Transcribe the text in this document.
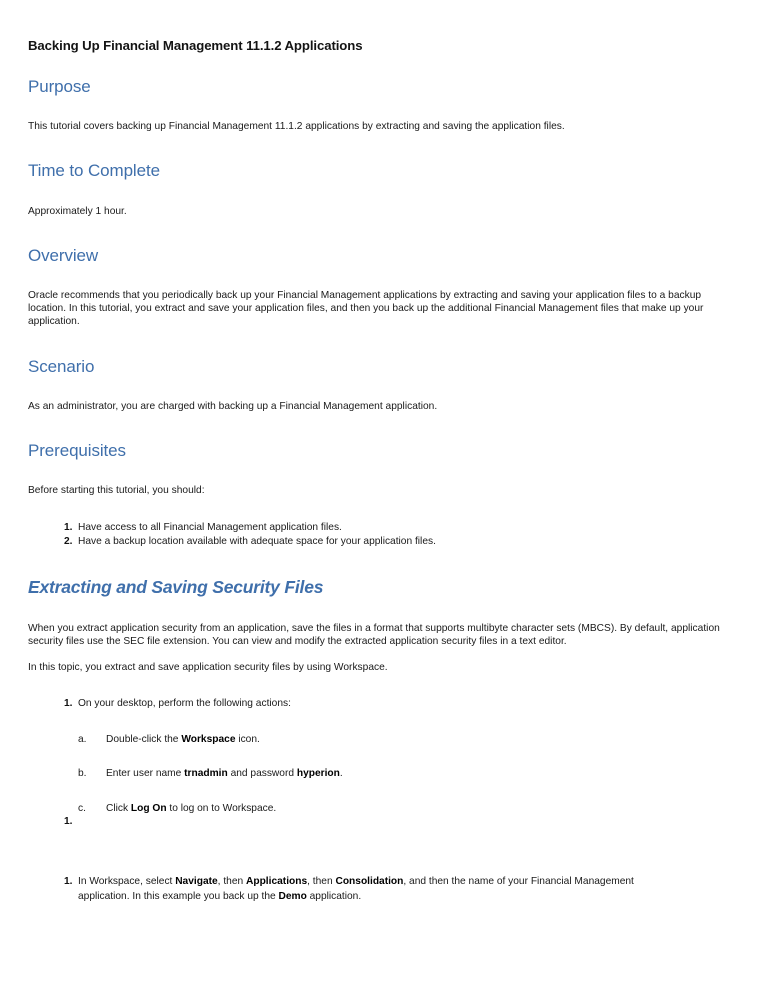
Backing Up Financial Management 11.1.2 Applications
Purpose

This tutorial covers backing up Financial Management 11.1.2 applications by extracting and saving the application files.

Time to Complete

Approximately 1 hour.

Overview

Oracle recommends that you periodically back up your Financial Management applications by extracting and saving your application files to a backup location. In this tutorial, you extract and save your application files, and then you back up the additional Financial Management files that make up your application.

Scenario

As an administrator, you are charged with backing up a Financial Management application.

Prerequisites

Before starting this tutorial, you should:

Have access to all Financial Management application files.
Have a backup location available with adequate space for your application files.
Extracting and Saving Security Files

When you extract application security from an application, save the files in a format that supports multibyte character sets (MBCS). By default, application security files use the SEC file extension. You can view and modify the extracted application security files in a text editor.

In this topic, you extract and save application security files by using Workspace.

On your desktop, perform the following actions:
a. Double-click the Workspace icon.
b. Enter user name trnadmin and password hyperion.
c. Click Log On to log on to Workspace.
In Workspace, select Navigate, then Applications, then Consolidation, and then the name of your Financial Management application. In this example you back up the Demo application.
